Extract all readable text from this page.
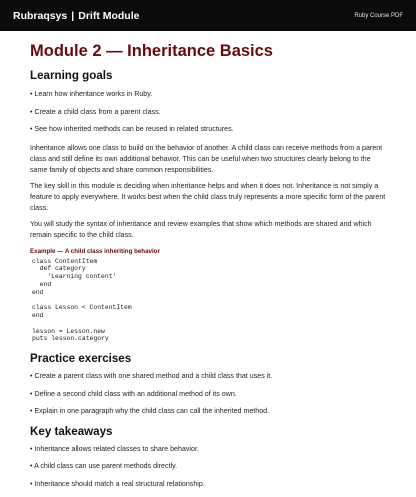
Rubraqsys | Drift Module	Ruby Course PDF
Module 2 — Inheritance Basics
Learning goals
• Learn how inheritance works in Ruby.
• Create a child class from a parent class.
• See how inherited methods can be reused in related structures.

Inheritance allows one class to build on the behavior of another. A child class can receive methods from a parent class and still define its own additional behavior. This can be useful when two structures clearly belong to the same family of objects and share common responsibilities.

The key skill in this module is deciding when inheritance helps and when it does not. Inheritance is not simply a feature to apply everywhere. It works best when the child class truly represents a more specific form of the parent class.

You will study the syntax of inheritance and review examples that show which methods are shared and which remain specific to the child class.

Example — A child class inheriting behavior
class ContentItem
def category
'Learning content'
end
end

class Lesson < ContentItem
end

lesson = Lesson.new
puts lesson.category
Practice exercises
• Create a parent class with one shared method and a child class that uses it.
• Define a second child class with an additional method of its own.
• Explain in one paragraph why the child class can call the inherited method.
Key takeaways
• Inheritance allows related classes to share behavior.
• A child class can use parent methods directly.
• Inheritance should match a real structural relationship.
